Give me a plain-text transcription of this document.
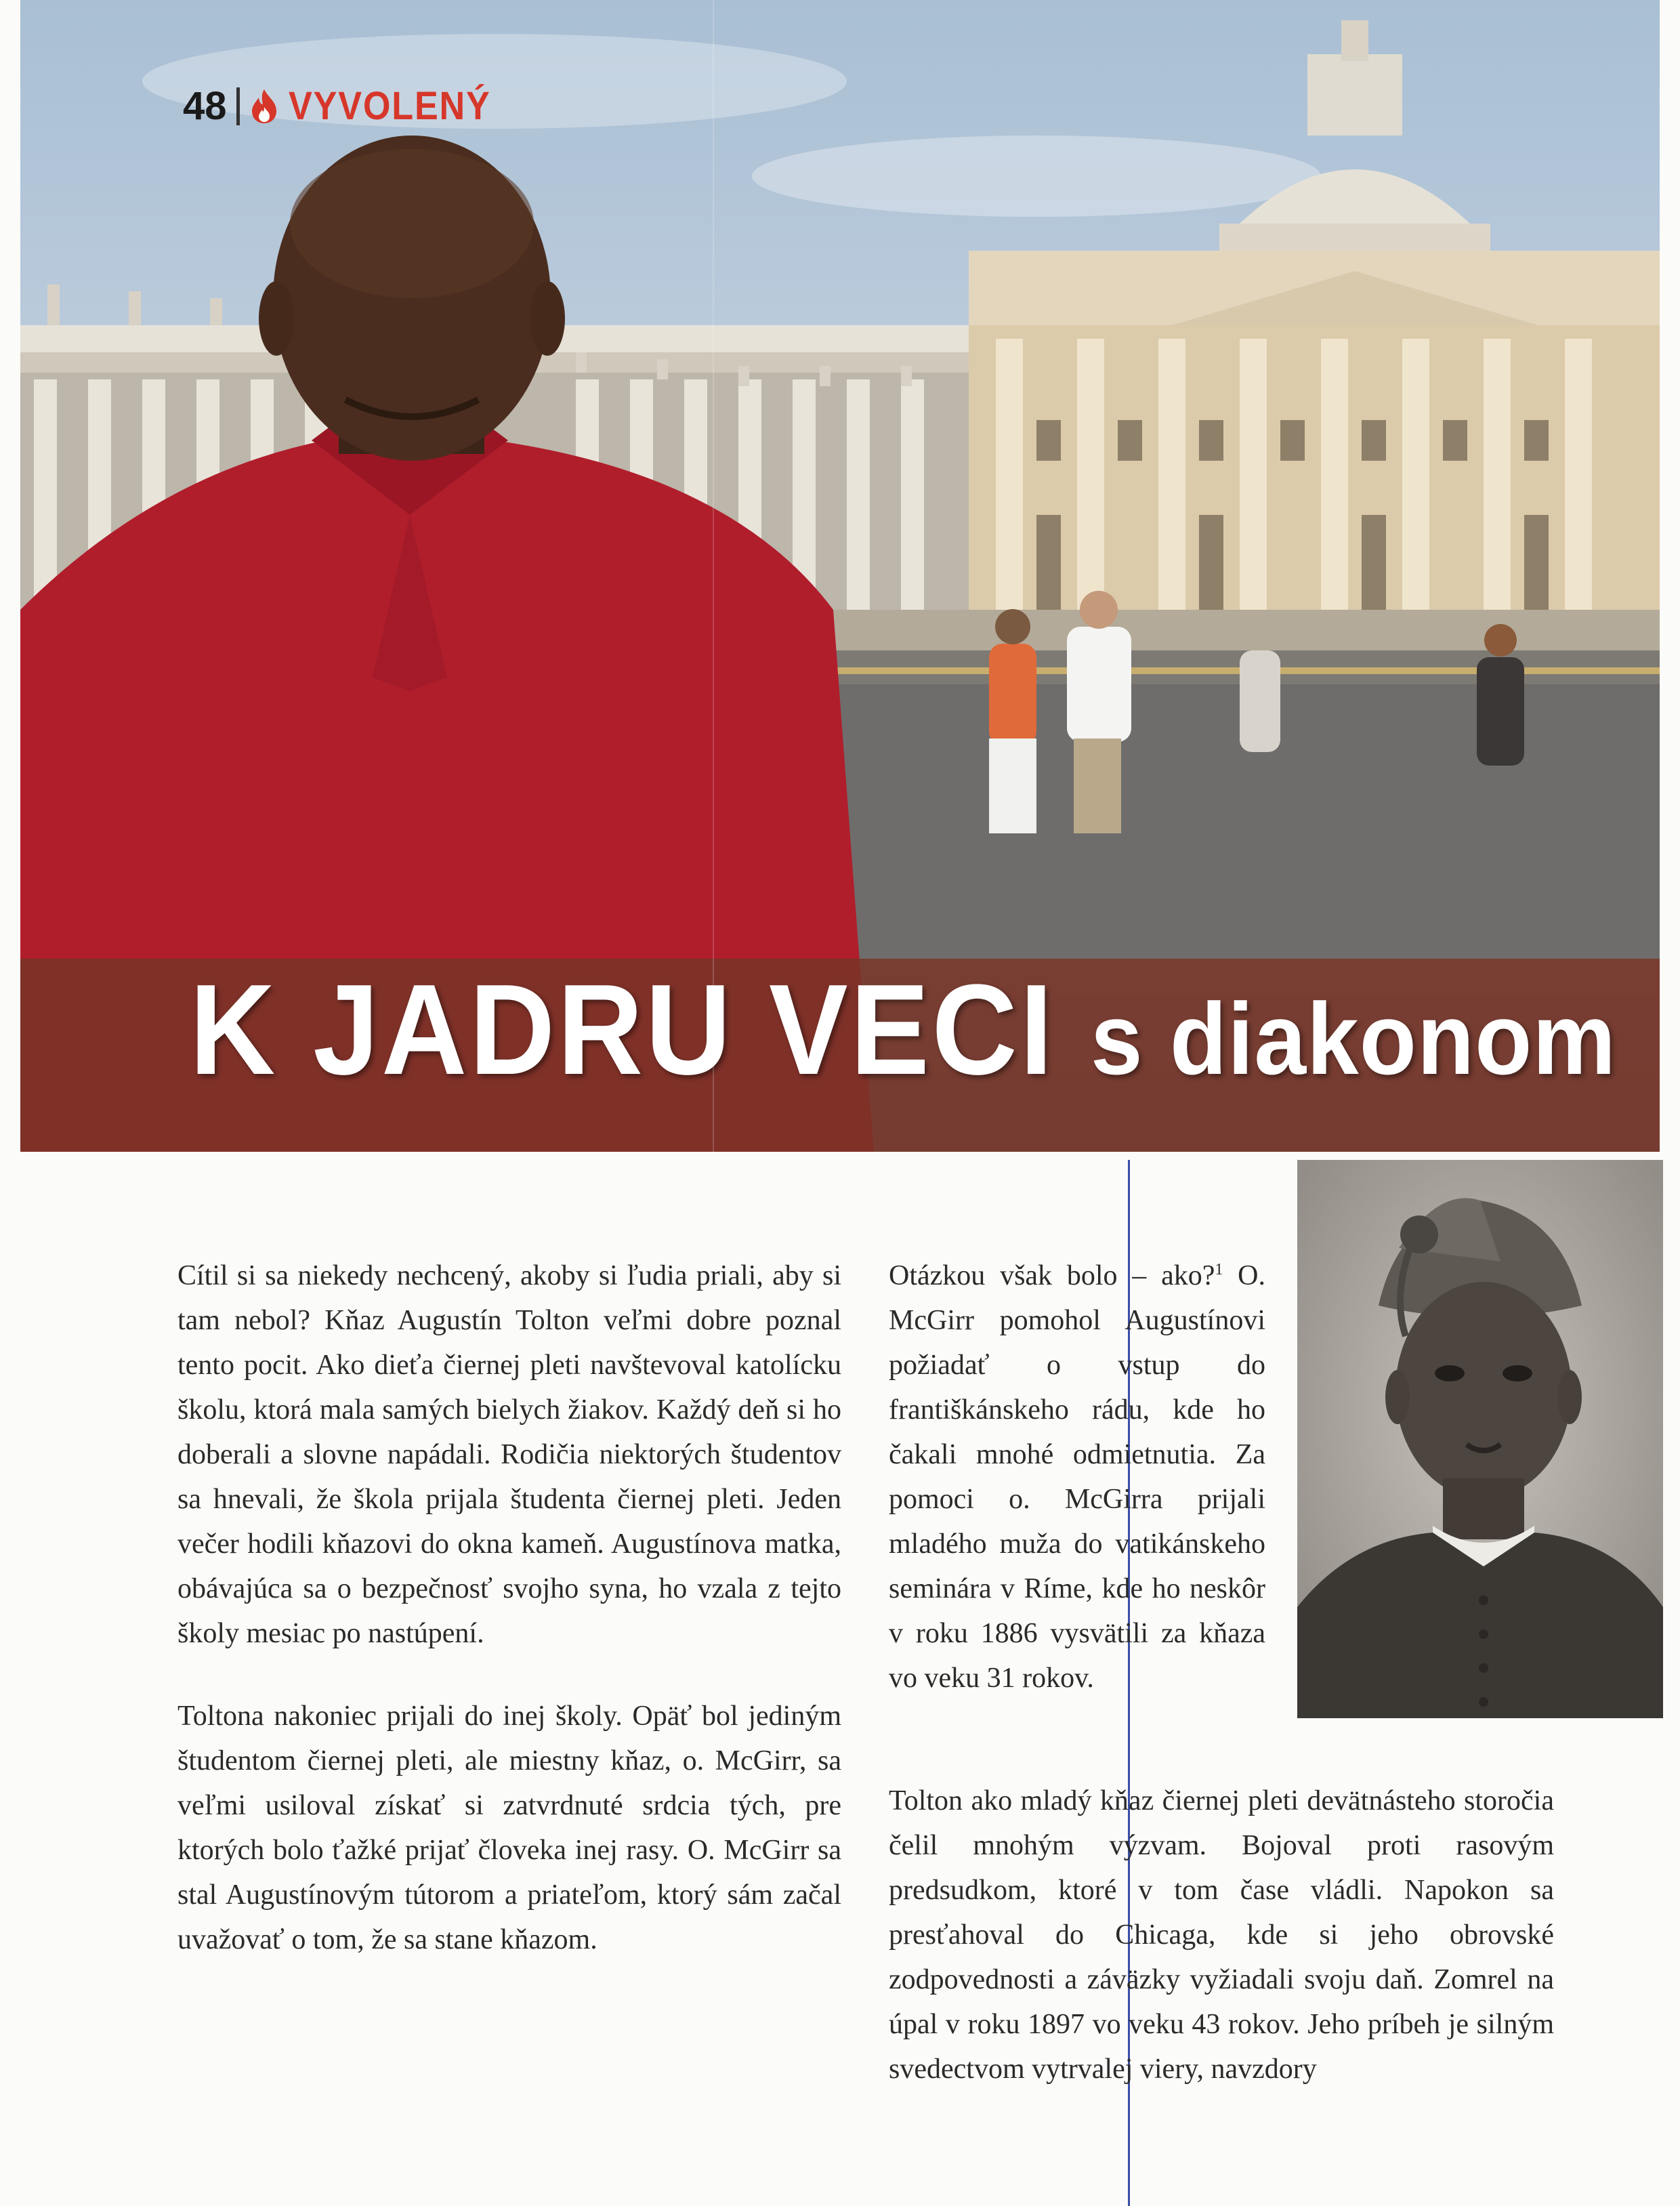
K JADRU VECI s diakonom
48 VYVOLENÝ

Cítil si sa niekedy nechcený, akoby si ľudia priali, aby si tam nebol? Kňaz Augustín Tolton veľmi dobre poznal tento pocit. Ako dieťa čiernej pleti navštevoval katolícku školu, ktorá mala samých bielych žiakov. Každý deň si ho doberali a slovne napádali. Rodičia niektorých študentov sa hnevali, že škola prijala študenta čiernej pleti. Jeden večer hodili kňazovi do okna kameň. Augustínova matka, obávajúca sa o bezpečnosť svojho syna, ho vzala z tejto školy mesiac po nastúpení.

Toltona nakoniec prijali do inej školy. Opäť bol jediným študentom čiernej pleti, ale miestny kňaz, o. McGirr, sa veľmi usiloval získať si zatvrdnuté srdcia tých, pre ktorých bolo ťažké prijať človeka inej rasy. O. McGirr sa stal Augustínovým tútorom a priateľom, ktorý sám začal uvažovať o tom, že sa stane kňazom.

Otázkou však bolo – ako?$^1$ O. McGirr pomohol Augustínovi požiadať o vstup do františkánskeho rádu, kde ho čakali mnohé odmietnutia. Za pomoci o. McGirra prijali mladého muža do vatikánskeho seminára v Ríme, kde ho neskôr v roku 1886 vysvätili za kňaza vo veku 31 rokov.

Tolton ako mladý kňaz čiernej pleti devätnásteho storočia čelil mnohým výzvam. Bojoval proti rasovým predsudkom, ktoré v tom čase vládli. Napokon sa presťahoval do Chicaga, kde si jeho obrovské zodpovednosti a záväzky vyžiadali svoju daň. Zomrel na úpal v roku 1897 vo veku 43 rokov. Jeho príbeh je silným svedectvom vytrvalej viery, navzdory
